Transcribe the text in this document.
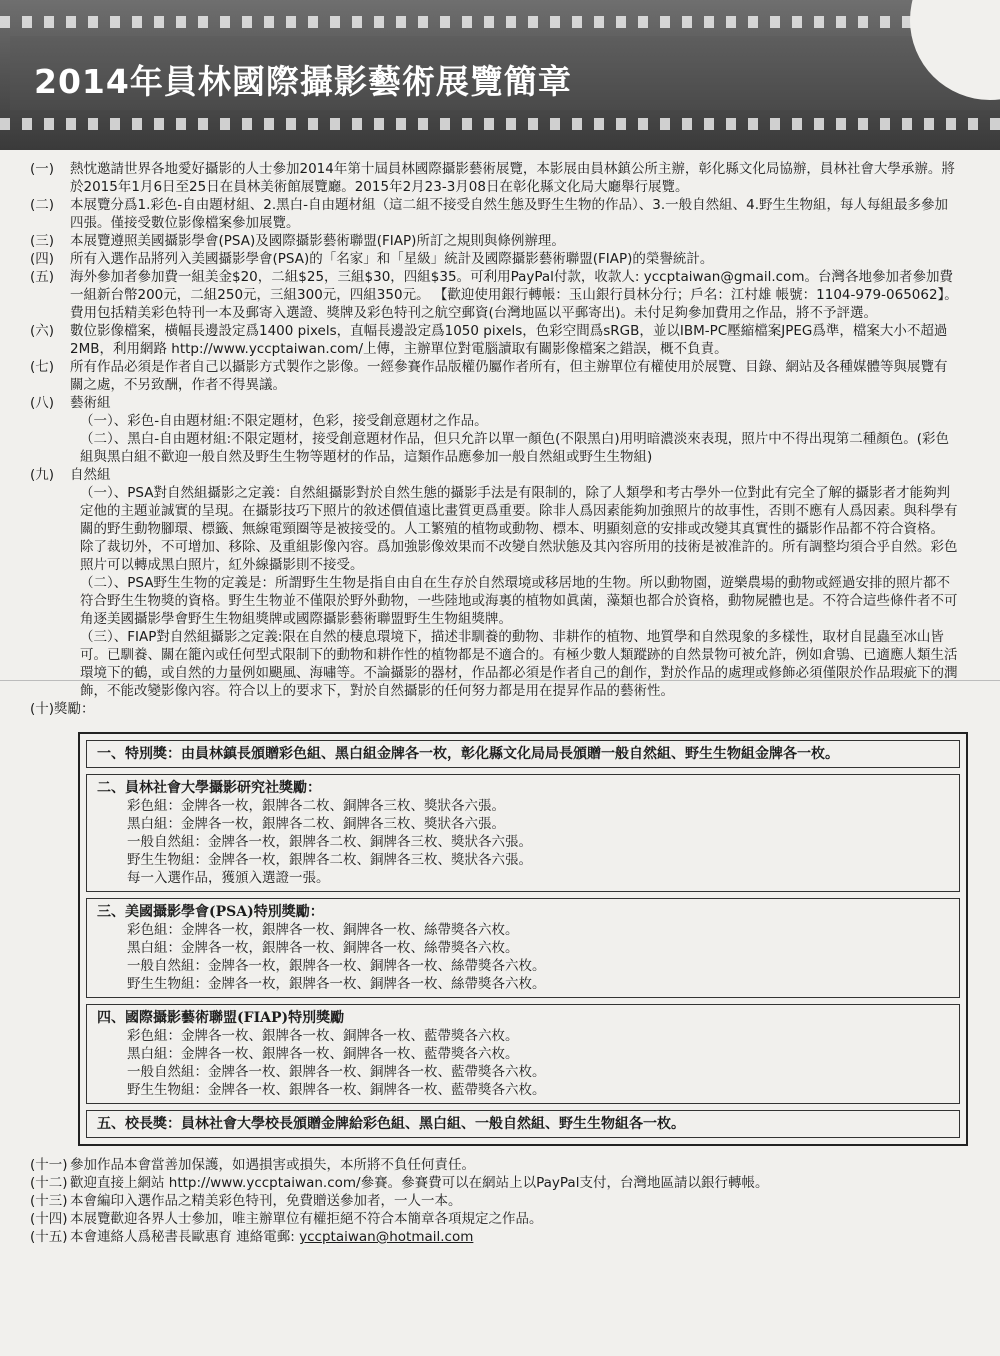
2014年員林國際攝影藝術展覽簡章
(一)	熱忱邀請世界各地愛好攝影的人士參加2014年第十屆員林國際攝影藝術展覽，本影展由員林鎮公所主辦，彰化縣文化局協辦，員林社會大學承辦。將於2015年1月6日至25日在員林美術館展覽廳。2015年2月23-3月08日在彰化縣文化局大廳舉行展覽。
(二)	本展覽分爲1.彩色-自由題材組、2.黑白-自由題材組（這二組不接受自然生態及野生生物的作品）、3.一般自然組、4.野生生物組，每人每組最多參加四張。僅接受數位影像檔案參加展覽。
(三)	本展覽遵照美國攝影學會(PSA)及國際攝影藝術聯盟(FIAP)所訂之規則與條例辦理。
(四)	所有入選作品將列入美國攝影學會(PSA)的「名家」和「星級」統計及國際攝影藝術聯盟(FIAP)的榮譽統計。
(五)	海外參加者參加費一組美金$20，二組$25，三組$30，四組$35。可利用PayPal付款，收款人: yccptaiwan@gmail.com。台灣各地參加者參加費一組新台幣200元，二組250元，三組300元，四組350元。 【歡迎使用銀行轉帳：玉山銀行員林分行；戶名：江村雄 帳號：1104-979-065062】。費用包括精美彩色特刊一本及郵寄入選證、獎牌及彩色特刊之航空郵資(台灣地區以平郵寄出)。未付足夠參加費用之作品，將不予評選。
(六)	數位影像檔案，橫幅長邊設定爲1400 pixels，直幅長邊設定爲1050 pixels，色彩空間爲sRGB，並以IBM-PC壓縮檔案JPEG爲準，檔案大小不超過2MB，利用網路 http://www.yccptaiwan.com/上傳，主辦單位對電腦讀取有關影像檔案之錯誤，概不負責。
(七)	所有作品必須是作者自己以攝影方式製作之影像。一經參賽作品版權仍屬作者所有，但主辦單位有權使用於展覽、目錄、網站及各種媒體等與展覽有關之處，不另致酬，作者不得異議。
(八)	藝術組
（一）、彩色-自由題材組:不限定題材，色彩，接受創意題材之作品。
（二）、黑白-自由題材組:不限定題材，接受創意題材作品，但只允許以單一顏色(不限黑白)用明暗濃淡來表現，照片中不得出現第二種顏色。(彩色組與黑白組不歡迎一般自然及野生生物等題材的作品，這類作品應參加一般自然組或野生生物組)
(九)	自然組
（一）、PSA對自然組攝影之定義：自然組攝影對於自然生態的攝影手法是有限制的，除了人類學和考古學外一位對此有完全了解的攝影者才能夠判定他的主題並誠實的呈現。在攝影技巧下照片的敘述價值遠比畫質更爲重要。除非人爲因素能夠加強照片的故事性，否則不應有人爲因素。與科學有關的野生動物腳環、標籤、無線電頸圈等是被接受的。人工繁殖的植物或動物、標本、明顯刻意的安排或改變其真實性的攝影作品都不符合資格。 除了裁切外，不可增加、移除、及重組影像內容。爲加強影像效果而不改變自然狀態及其內容所用的技術是被准許的。所有調整均須合乎自然。彩色照片可以轉成黑白照片，紅外線攝影則不接受。
（二）、PSA野生生物的定義是：所謂野生生物是指自由自在生存於自然環境或移居地的生物。所以動物園，遊樂農場的動物或經過安排的照片都不符合野生生物獎的資格。野生生物並不僅限於野外動物，一些陸地或海裏的植物如眞菌，藻類也都合於資格，動物屍體也是。不符合這些條件者不可角逐美國攝影學會野生生物組獎牌或國際攝影藝術聯盟野生生物組獎牌。
（三）、FIAP對自然組攝影之定義:限在自然的棲息環境下，描述非馴養的動物、非耕作的植物、地質學和自然現象的多樣性，取材自昆蟲至冰山皆可。已馴養、關在籠內或任何型式限制下的動物和耕作性的植物都是不適合的。有極少數人類蹤跡的自然景物可被允許，例如倉鴞、已適應人類生活環境下的鶴，或自然的力量例如颶風、海嘯等。不論攝影的器材，作品都必須是作者自己的創作，對於作品的處理或修飾必須僅限於作品瑕疵下的潤飾，不能改變影像內容。符合以上的要求下，對於自然攝影的任何努力都是用在提昇作品的藝術性。
(十)獎勵：
一、特別獎：由員林鎮長頒贈彩色組、黑白組金牌各一枚，彰化縣文化局局長頒贈一般自然組、野生生物組金牌各一枚。
二、員林社會大學攝影研究社獎勵：
彩色組：金牌各一枚，銀牌各二枚、銅牌各三枚、獎狀各六張。
黑白組：金牌各一枚，銀牌各二枚、銅牌各三枚、獎狀各六張。
一般自然組：金牌各一枚，銀牌各二枚、銅牌各三枚、獎狀各六張。
野生生物組：金牌各一枚，銀牌各二枚、銅牌各三枚、獎狀各六張。
每一入選作品，獲頒入選證一張。
三、美國攝影學會(PSA)特別獎勵：
彩色組：金牌各一枚，銀牌各一枚、銅牌各一枚、絲帶獎各六枚。
黑白組：金牌各一枚，銀牌各一枚、銅牌各一枚、絲帶獎各六枚。
一般自然組：金牌各一枚，銀牌各一枚、銅牌各一枚、絲帶獎各六枚。
野生生物組：金牌各一枚，銀牌各一枚、銅牌各一枚、絲帶獎各六枚。
四、國際攝影藝術聯盟(FIAP)特別獎勵
彩色組：金牌各一枚、銀牌各一枚、銅牌各一枚、藍帶獎各六枚。
黑白組：金牌各一枚、銀牌各一枚、銅牌各一枚、藍帶獎各六枚。
一般自然組：金牌各一枚、銀牌各一枚、銅牌各一枚、藍帶獎各六枚。
野生生物組：金牌各一枚、銀牌各一枚、銅牌各一枚、藍帶獎各六枚。
五、校長獎：員林社會大學校長頒贈金牌給彩色組、黑白組、一般自然組、野生生物組各一枚。
(十一) 參加作品本會當善加保護，如遇損害或損失，本所將不負任何責任。
(十二) 歡迎直接上網站 http://www.yccptaiwan.com/參賽。參賽費可以在網站上以PayPal支付，台灣地區請以銀行轉帳。
(十三) 本會編印入選作品之精美彩色特刊，免費贈送參加者，一人一本。
(十四) 本展覽歡迎各界人士參加，唯主辦單位有權拒絕不符合本簡章各項規定之作品。
(十五) 本會連絡人爲秘書長歐惠育 連絡電郵: yccptaiwan@hotmail.com
